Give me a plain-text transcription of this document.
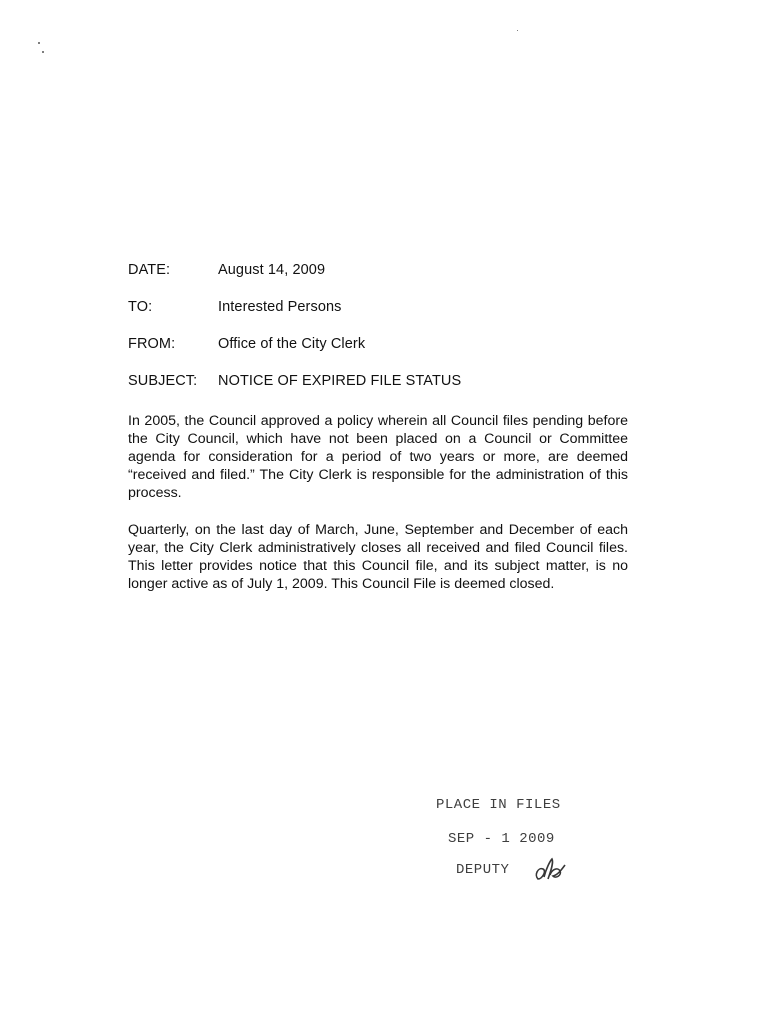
DATE:	August 14, 2009
TO:	Interested Persons
FROM:	Office of the City Clerk
SUBJECT:	NOTICE OF EXPIRED FILE STATUS

In 2005, the Council approved a policy wherein all Council files pending before the City Council, which have not been placed on a Council or Committee agenda for consideration for a period of two years or more, are deemed “received and filed.” The City Clerk is responsible for the administration of this process.

Quarterly, on the last day of March, June, September and December of each year, the City Clerk administratively closes all received and filed Council files. This letter provides notice that this Council file, and its subject matter, is no longer active as of July 1, 2009. This Council File is deemed closed.

PLACE IN FILES
SEP - 1 2009
DEPUTY
